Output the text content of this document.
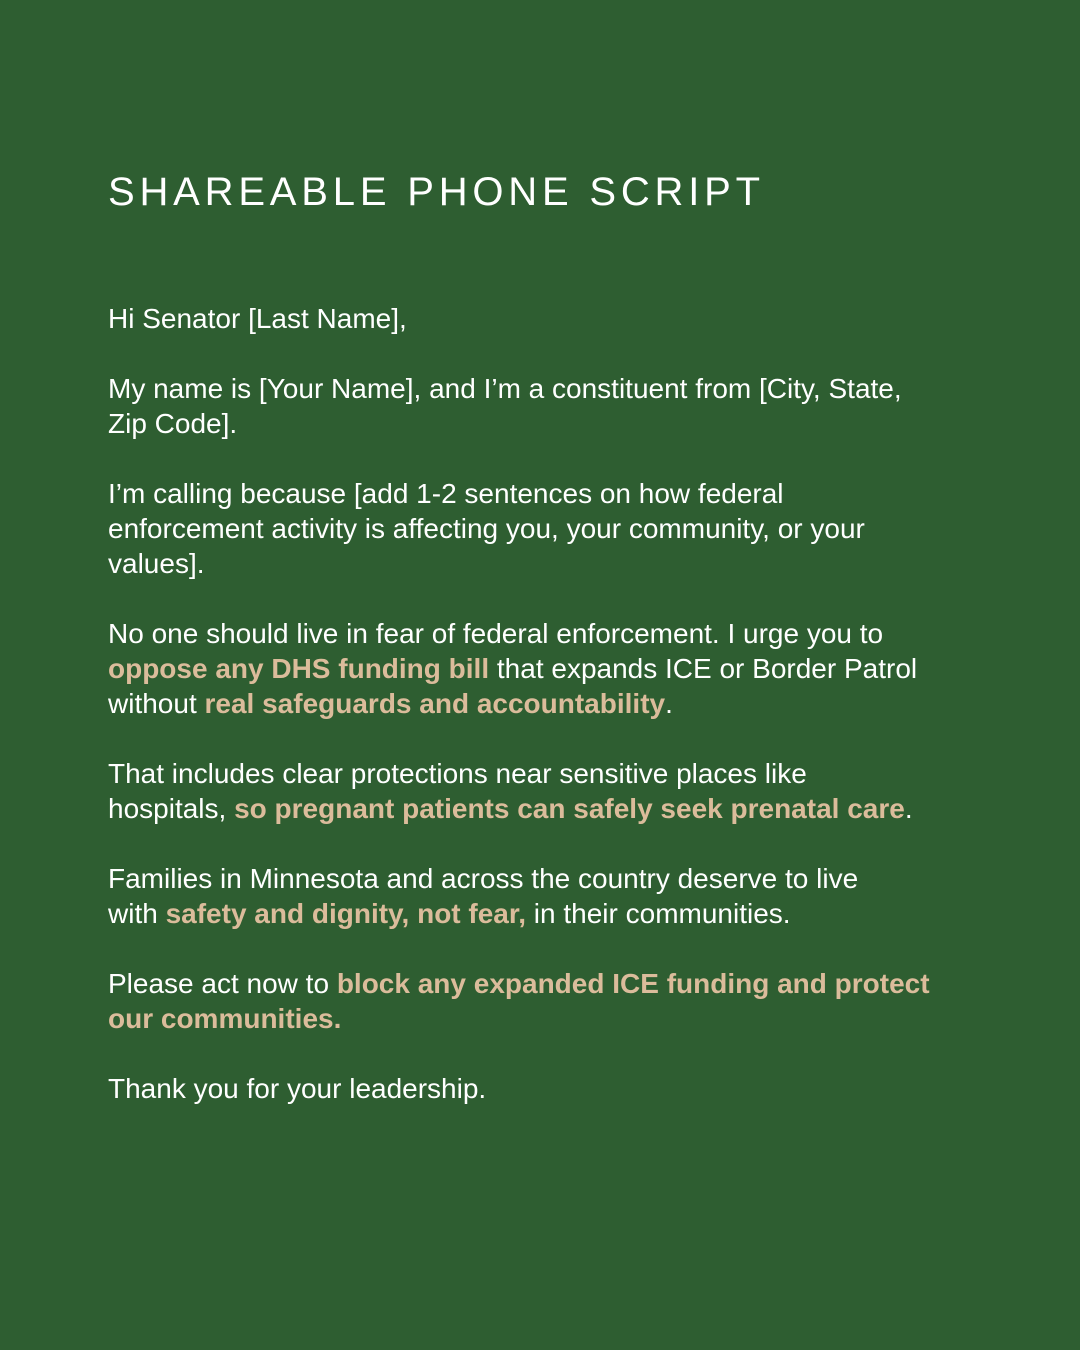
SHAREABLE PHONE SCRIPT

Hi Senator [Last Name],

My name is [Your Name], and I’m a constituent from [City, State,
Zip Code].

I’m calling because [add 1-2 sentences on how federal
enforcement activity is affecting you, your community, or your
values].

No one should live in fear of federal enforcement. I urge you to
oppose any DHS funding bill that expands ICE or Border Patrol
without real safeguards and accountability.

That includes clear protections near sensitive places like
hospitals, so pregnant patients can safely seek prenatal care.

Families in Minnesota and across the country deserve to live
with safety and dignity, not fear, in their communities.

Please act now to block any expanded ICE funding and protect
our communities.

Thank you for your leadership.
